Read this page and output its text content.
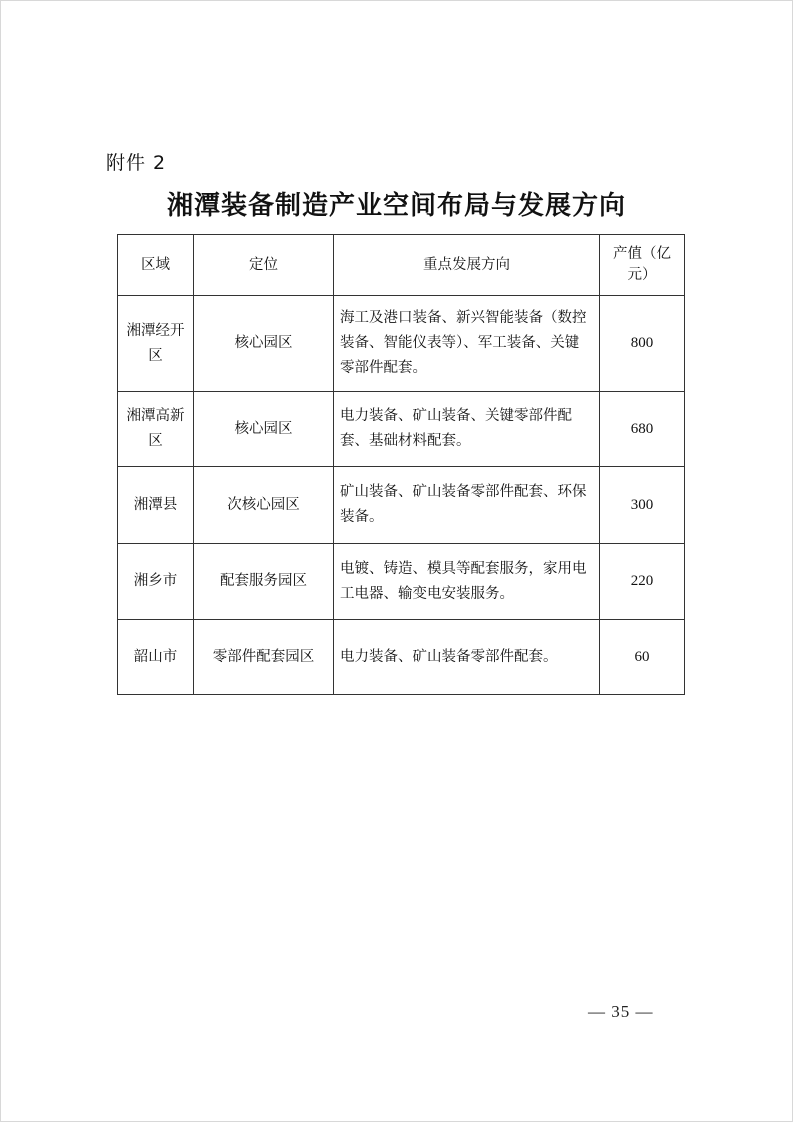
附件 2
湘潭装备制造产业空间布局与发展方向
区域	定位	重点发展方向	产值（亿元）
湘潭经开区	核心园区	海工及港口装备、新兴智能装备（数控装备、智能仪表等）、军工装备、关键零部件配套。	800
湘潭高新区	核心园区	电力装备、矿山装备、关键零部件配套、基础材料配套。	680
湘潭县	次核心园区	矿山装备、矿山装备零部件配套、环保装备。	300
湘乡市	配套服务园区	电镀、铸造、模具等配套服务，家用电工电器、输变电安装服务。	220
韶山市	零部件配套园区	电力装备、矿山装备零部件配套。	60
— 35 —
